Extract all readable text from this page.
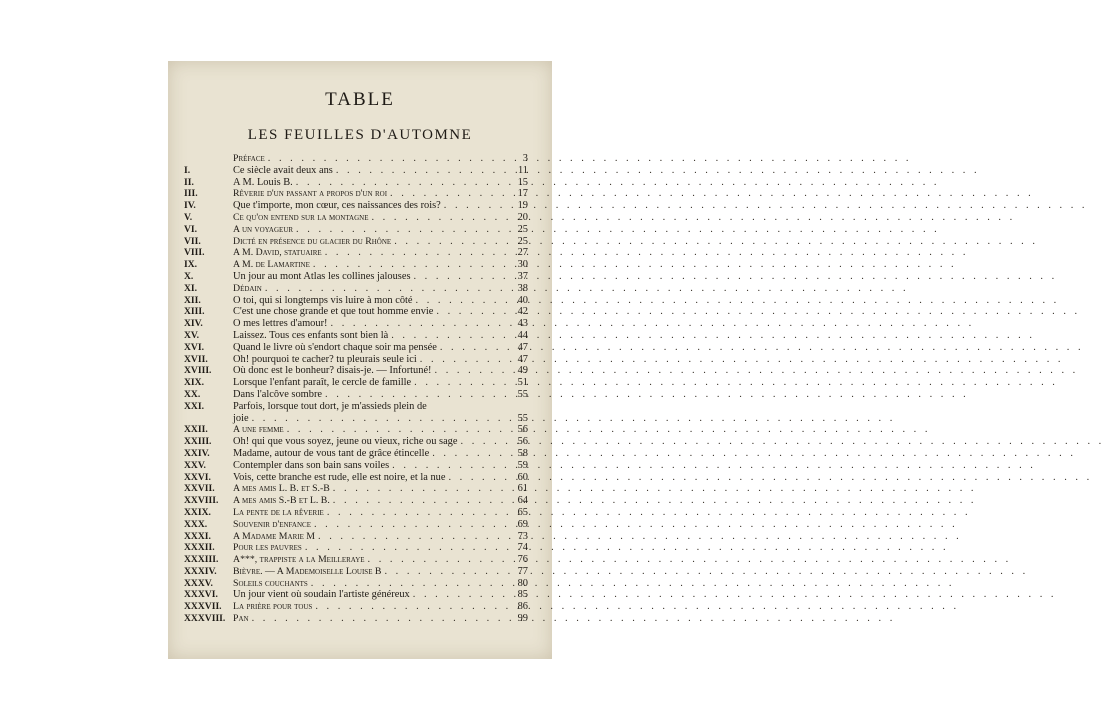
TABLE
LES FEUILLES D'AUTOMNE
Préface . . .	3
I.	Ce siècle avait deux ans . . .	11
II.	A M. Louis B. . . .	15
III.	Rêverie d'un passant a propos d'un roi . . .	17
IV.	Que t'importe, mon cœur, ces naissances des rois? . . .	19
V.	Ce qu'on entend sur la montagne . . .	20
VI.	A un voyageur . . .	25
VII.	Dicté en présence du glacier du Rhône . . .	25
VIII.	A M. David, statuaire . . .	27
IX.	A M. de Lamartine . . .	30
X.	Un jour au mont Atlas les collines jalouses . . .	37
XI.	Dédain . . .	38
XII.	O toi, qui si longtemps vis luire à mon côté . . .	40
XIII.	C'est une chose grande et que tout homme envie . . .	42
XIV.	O mes lettres d'amour! . . .	43
XV.	Laissez. Tous ces enfants sont bien là . . .	44
XVI.	Quand le livre où s'endort chaque soir ma pensée . . .	47
XVII.	Oh! pourquoi te cacher? tu pleurais seule ici . . .	47
XVIII.	Où donc est le bonheur? disais-je. — Infortuné! . . .	49
XIX.	Lorsque l'enfant paraît, le cercle de famille . . .	51
XX.	Dans l'alcôve sombre . . .	55
XXI.	Parfois, lorsque tout dort, je m'assieds plein de
joie . . .	55
XXII.	A une femme . . .	56
XXIII.	Oh! qui que vous soyez, jeune ou vieux, riche ou sage . . .	56
XXIV.	Madame, autour de vous tant de grâce étincelle . . .	58
XXV.	Contempler dans son bain sans voiles . . .	59
XXVI.	Vois, cette branche est rude, elle est noire, et la nue . . .	60
XXVII.	A mes amis L. B. et S.-B . . .	61
XXVIII.	A mes amis S.-B et L. B. . . .	64
XXIX.	La pente de la rêverie . . .	65
XXX.	Souvenir d'enfance . . .	69
XXXI.	A Madame Marie M . . .	73
XXXII.	Pour les pauvres . . .	74
XXXIII.	A***, trappiste a la Meilleraye . . .	76
XXXIV.	Bièvre. — A Mademoiselle Louise B . . .	77
XXXV.	Soleils couchants . . .	80
XXXVI.	Un jour vient où soudain l'artiste généreux . . .	85
XXXVII.	La prière pour tous . . .	86
XXXVIII. Pan . . .	99
